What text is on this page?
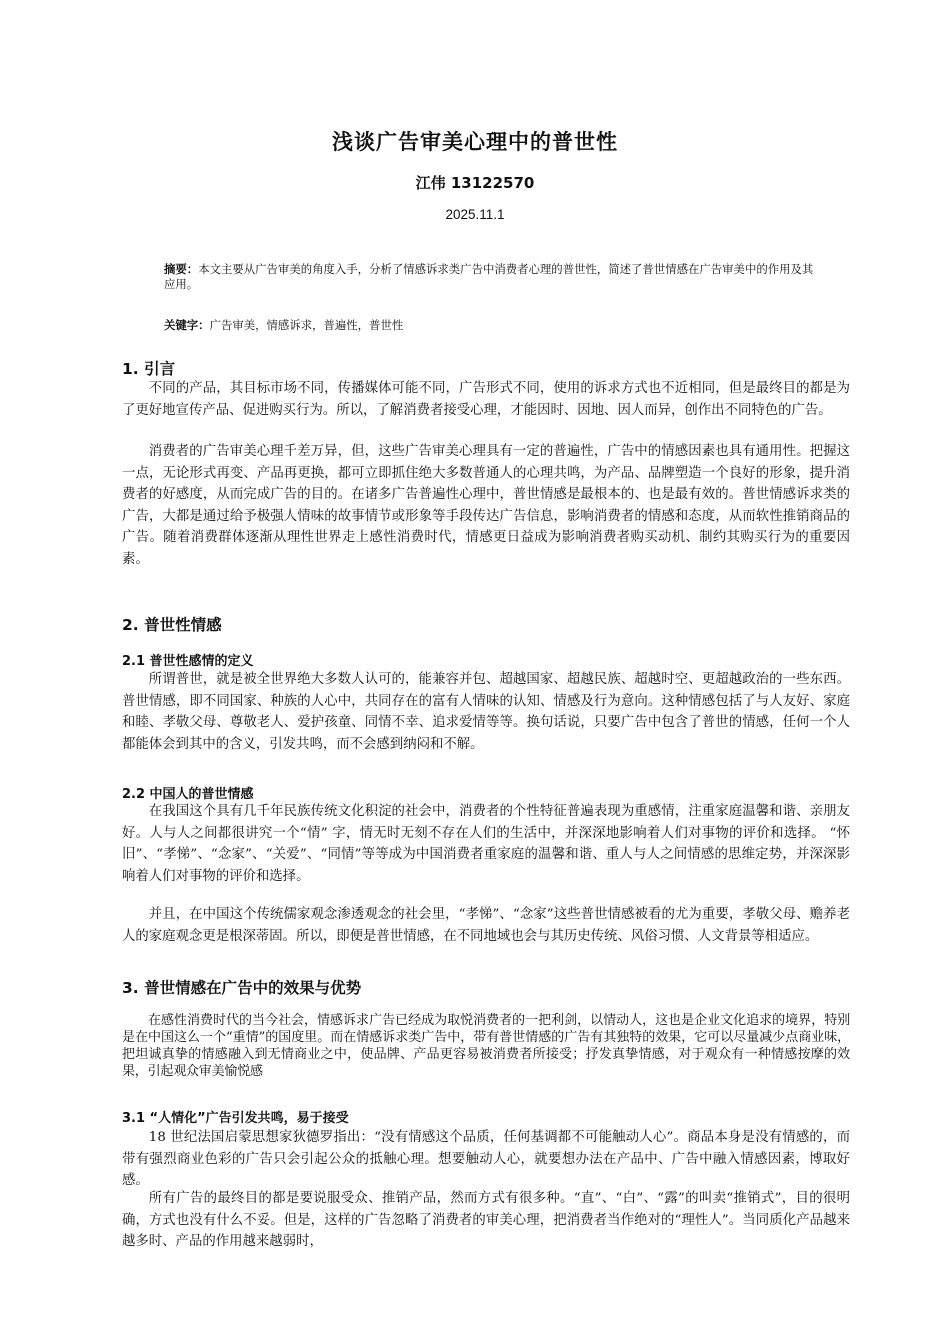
浅谈广告审美心理中的普世性
江伟 13122570
2025.11.1
摘要：本文主要从广告审美的角度入手，分析了情感诉求类广告中消费者心理的普世性，简述了普世情感在广告审美中的作用及其应用。
关键字：广告审美，情感诉求，普遍性，普世性
1. 引言

不同的产品，其目标市场不同，传播媒体可能不同，广告形式不同，使用的诉求方式也不近相同，但是最终目的都是为了更好地宣传产品、促进购买行为。所以，了解消费者接受心理，才能因时、因地、因人而异，创作出不同特色的广告。

消费者的广告审美心理千差万异，但，这些广告审美心理具有一定的普遍性，广告中的情感因素也具有通用性。把握这一点，无论形式再变、产品再更换，都可立即抓住绝大多数普通人的心理共鸣，为产品、品牌塑造一个良好的形象，提升消费者的好感度，从而完成广告的目的。在诸多广告普遍性心理中，普世情感是最根本的、也是最有效的。普世情感诉求类的广告，大都是通过给予极强人情味的故事情节或形象等手段传达广告信息，影响消费者的情感和态度，从而软性推销商品的广告。随着消费群体逐渐从理性世界走上感性消费时代，情感更日益成为影响消费者购买动机、制约其购买行为的重要因素。

2. 普世性情感
2.1 普世性感情的定义

所谓普世，就是被全世界绝大多数人认可的，能兼容并包、超越国家、超越民族、超越时空、更超越政治的一些东西。普世情感，即不同国家、种族的人心中，共同存在的富有人情味的认知、情感及行为意向。这种情感包括了与人友好、家庭和睦、孝敬父母、尊敬老人、爱护孩童、同情不幸、追求爱情等等。换句话说，只要广告中包含了普世的情感，任何一个人都能体会到其中的含义，引发共鸣，而不会感到纳闷和不解。

2.2 中国人的普世情感

在我国这个具有几千年民族传统文化积淀的社会中，消费者的个性特征普遍表现为重感情，注重家庭温馨和谐、亲朋友好。人与人之间都很讲究一个“情” 字，情无时无刻不存在人们的生活中，并深深地影响着人们对事物的评价和选择。 “怀旧”、“孝悌”、“念家”、“关爱”、“同情”等等成为中国消费者重家庭的温馨和谐、重人与人之间情感的思维定势，并深深影响着人们对事物的评价和选择。

并且，在中国这个传统儒家观念渗透观念的社会里，“孝悌”、“念家”这些普世情感被看的尤为重要，孝敬父母、赡养老人的家庭观念更是根深蒂固。所以，即便是普世情感，在不同地域也会与其历史传统、风俗习惯、人文背景等相适应。

3. 普世情感在广告中的效果与优势

在感性消费时代的当今社会，情感诉求广告已经成为取悦消费者的一把利剑，以情动人，这也是企业文化追求的境界，特别是在中国这么一个“重情”的国度里。而在情感诉求类广告中，带有普世情感的广告有其独特的效果，它可以尽量减少点商业味，把坦诚真挚的情感融入到无情商业之中，使品牌、产品更容易被消费者所接受；抒发真挚情感，对于观众有一种情感按摩的效果，引起观众审美愉悦感

3.1 “人情化”广告引发共鸣，易于接受

18 世纪法国启蒙思想家狄德罗指出：“没有情感这个品质，任何基调都不可能触动人心”。商品本身是没有情感的，而带有强烈商业色彩的广告只会引起公众的抵触心理。想要触动人心，就要想办法在产品中、广告中融入情感因素，博取好感。

所有广告的最终目的都是要说服受众、推销产品，然而方式有很多种。“直”、“白”、“露”的叫卖“推销式”，目的很明确，方式也没有什么不妥。但是，这样的广告忽略了消费者的审美心理，把消费者当作绝对的“理性人”。当同质化产品越来越多时、产品的作用越来越弱时，
